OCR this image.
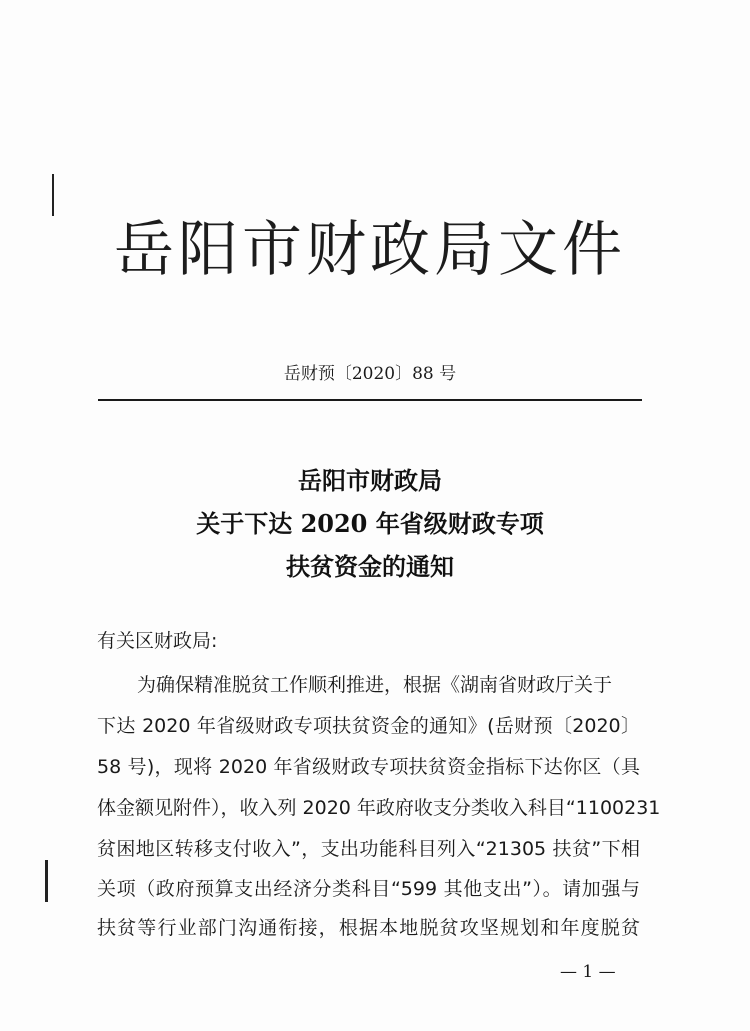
岳阳市财政局文件
岳财预〔2020〕88 号
岳阳市财政局
关于下达 2020 年省级财政专项
扶贫资金的通知
有关区财政局:
为确保精准脱贫工作顺利推进，根据《湖南省财政厅关于
下达 2020 年省级财政专项扶贫资金的通知》(岳财预〔2020〕
58 号)，现将 2020 年省级财政专项扶贫资金指标下达你区（具
体金额见附件），收入列 2020 年政府收支分类收入科目“1100231
贫困地区转移支付收入”，支出功能科目列入“21305 扶贫”下相
关项（政府预算支出经济分类科目“599 其他支出”）。请加强与
扶贫等行业部门沟通衔接，根据本地脱贫攻坚规划和年度脱贫
— 1 —
